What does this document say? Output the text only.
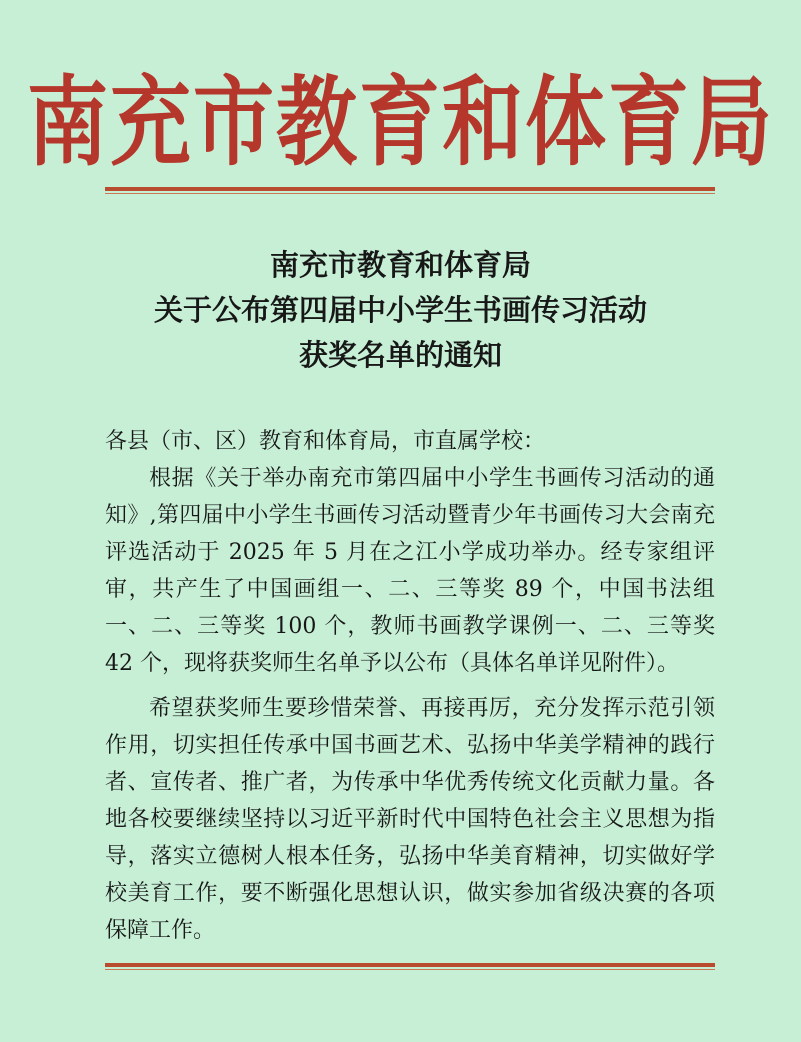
南充市教育和体育局
南充市教育和体育局
关于公布第四届中小学生书画传习活动
获奖名单的通知

各县（市、区）教育和体育局，市直属学校：

根据《关于举办南充市第四届中小学生书画传习活动的通知》,第四届中小学生书画传习活动暨青少年书画传习大会南充评选活动于 2025 年 5 月在之江小学成功举办。经专家组评审，共产生了中国画组一、二、三等奖 89 个，中国书法组一、二、三等奖 100 个，教师书画教学课例一、二、三等奖 42 个，现将获奖师生名单予以公布（具体名单详见附件）。

希望获奖师生要珍惜荣誉、再接再厉，充分发挥示范引领作用，切实担任传承中国书画艺术、弘扬中华美学精神的践行者、宣传者、推广者，为传承中华优秀传统文化贡献力量。各地各校要继续坚持以习近平新时代中国特色社会主义思想为指导，落实立德树人根本任务，弘扬中华美育精神，切实做好学校美育工作，要不断强化思想认识，做实参加省级决赛的各项保障工作。
